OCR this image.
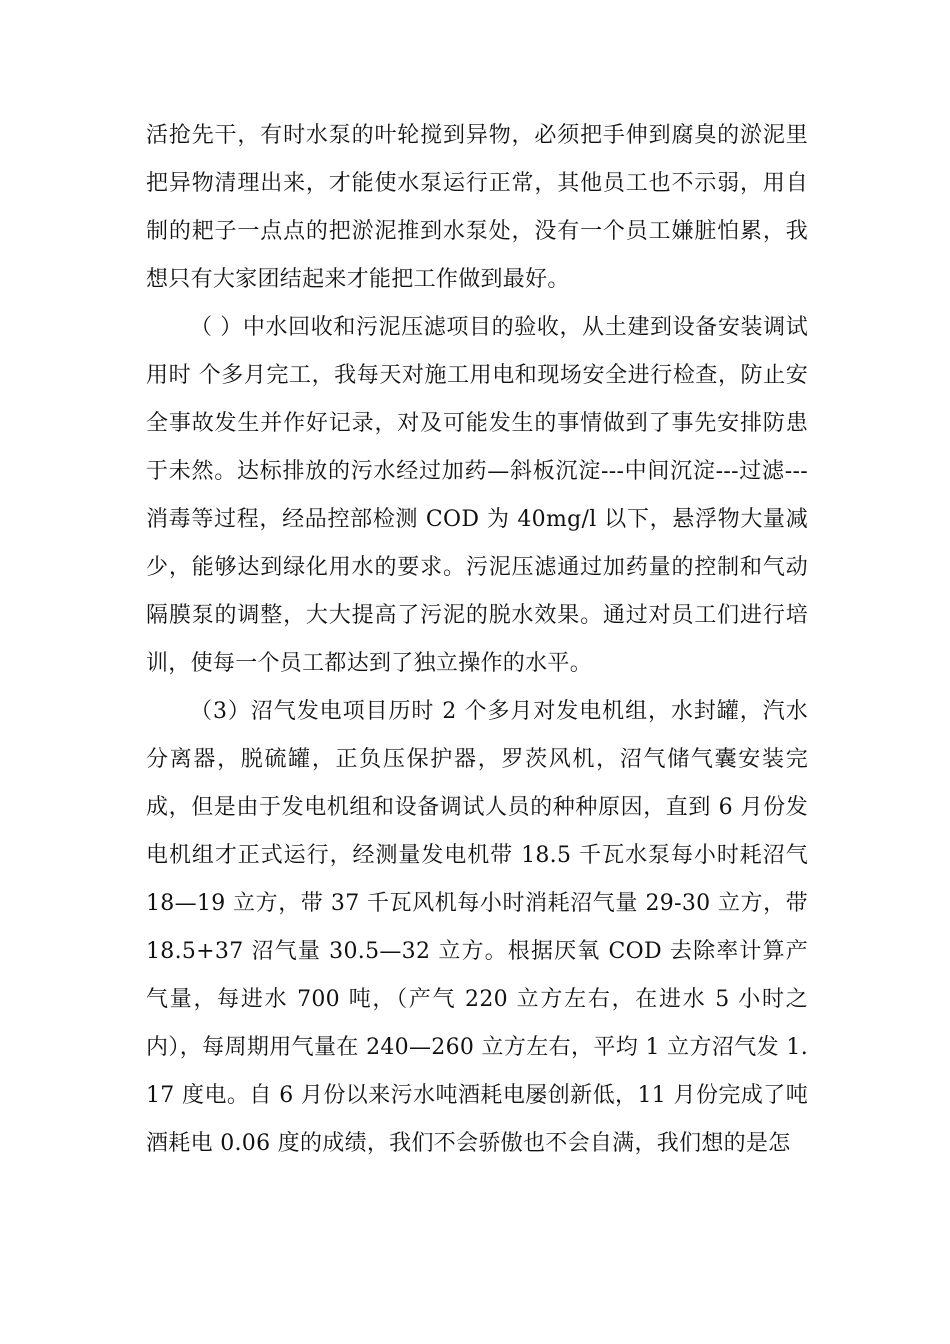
活抢先干，有时水泵的叶轮搅到异物，必须把手伸到腐臭的淤泥里把异物清理出来，才能使水泵运行正常，其他员工也不示弱，用自制的耙子一点点的把淤泥推到水泵处，没有一个员工嫌脏怕累，我想只有大家团结起来才能把工作做到最好。

（ ）中水回收和污泥压滤项目的验收，从土建到设备安装调试用时 个多月完工，我每天对施工用电和现场安全进行检查，防止安全事故发生并作好记录，对及可能发生的事情做到了事先安排防患于未然。达标排放的污水经过加药—斜板沉淀---中间沉淀---过滤---消毒等过程，经品控部检测 COD 为 40mg/l 以下，悬浮物大量减少，能够达到绿化用水的要求。污泥压滤通过加药量的控制和气动隔膜泵的调整，大大提高了污泥的脱水效果。通过对员工们进行培训，使每一个员工都达到了独立操作的水平。

（3）沼气发电项目历时 2 个多月对发电机组，水封罐，汽水分离器，脱硫罐，正负压保护器，罗茨风机，沼气储气囊安装完成，但是由于发电机组和设备调试人员的种种原因，直到 6 月份发电机组才正式运行，经测量发电机带 18.5 千瓦水泵每小时耗沼气 18—19 立方，带 37 千瓦风机每小时消耗沼气量 29-30 立方，带 18.5+37 沼气量 30.5—32 立方。根据厌氧 COD 去除率计算产气量，每进水 700 吨，（产气 220 立方左右，在进水 5 小时之内），每周期用气量在 240—260 立方左右，平均 1 立方沼气发 1.17 度电。自 6 月份以来污水吨酒耗电屡创新低，11 月份完成了吨酒耗电 0.06 度的成绩，我们不会骄傲也不会自满，我们想的是怎
